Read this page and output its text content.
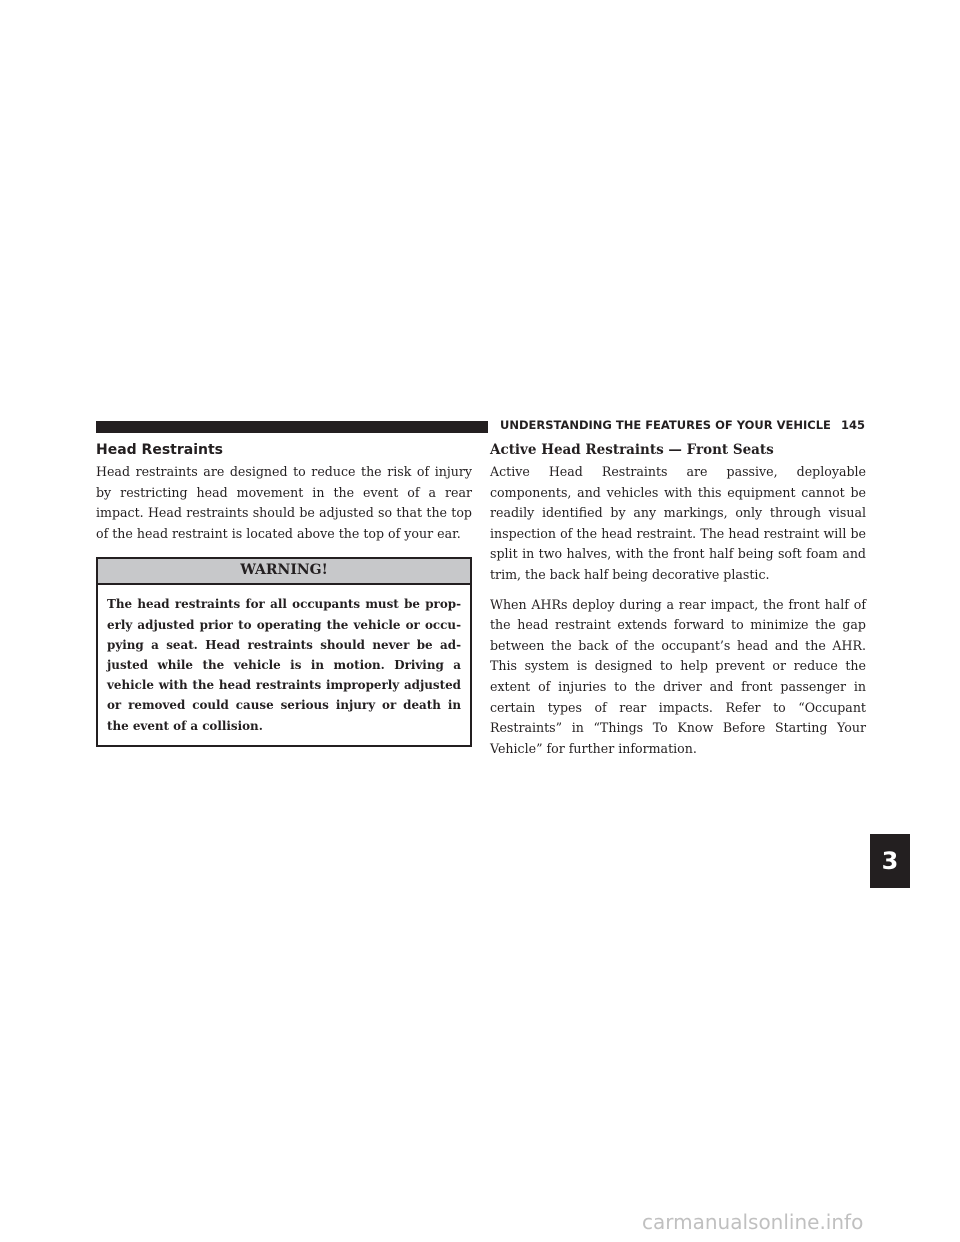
UNDERSTANDING THE FEATURES OF YOUR VEHICLE 145
Head Restraints

Head restraints are designed to reduce the risk of injury by restricting head movement in the event of a rear impact. Head restraints should be adjusted so that the top of the head restraint is located above the top of your ear.

WARNING!
The head restraints for all occupants must be properly adjusted prior to operating the vehicle or occupying a seat. Head restraints should never be adjusted while the vehicle is in motion. Driving a vehicle with the head restraints improperly adjusted or removed could cause serious injury or death in the event of a collision.
Active Head Restraints — Front Seats

Active Head Restraints are passive, deployable components, and vehicles with this equipment cannot be readily identified by any markings, only through visual inspection of the head restraint. The head restraint will be split in two halves, with the front half being soft foam and trim, the back half being decorative plastic.

When AHRs deploy during a rear impact, the front half of the head restraint extends forward to minimize the gap between the back of the occupant’s head and the AHR. This system is designed to help prevent or reduce the extent of injuries to the driver and front passenger in certain types of rear impacts. Refer to “Occupant Restraints” in “Things To Know Before Starting Your Vehicle” for further information.

3
carmanualsonline.info
